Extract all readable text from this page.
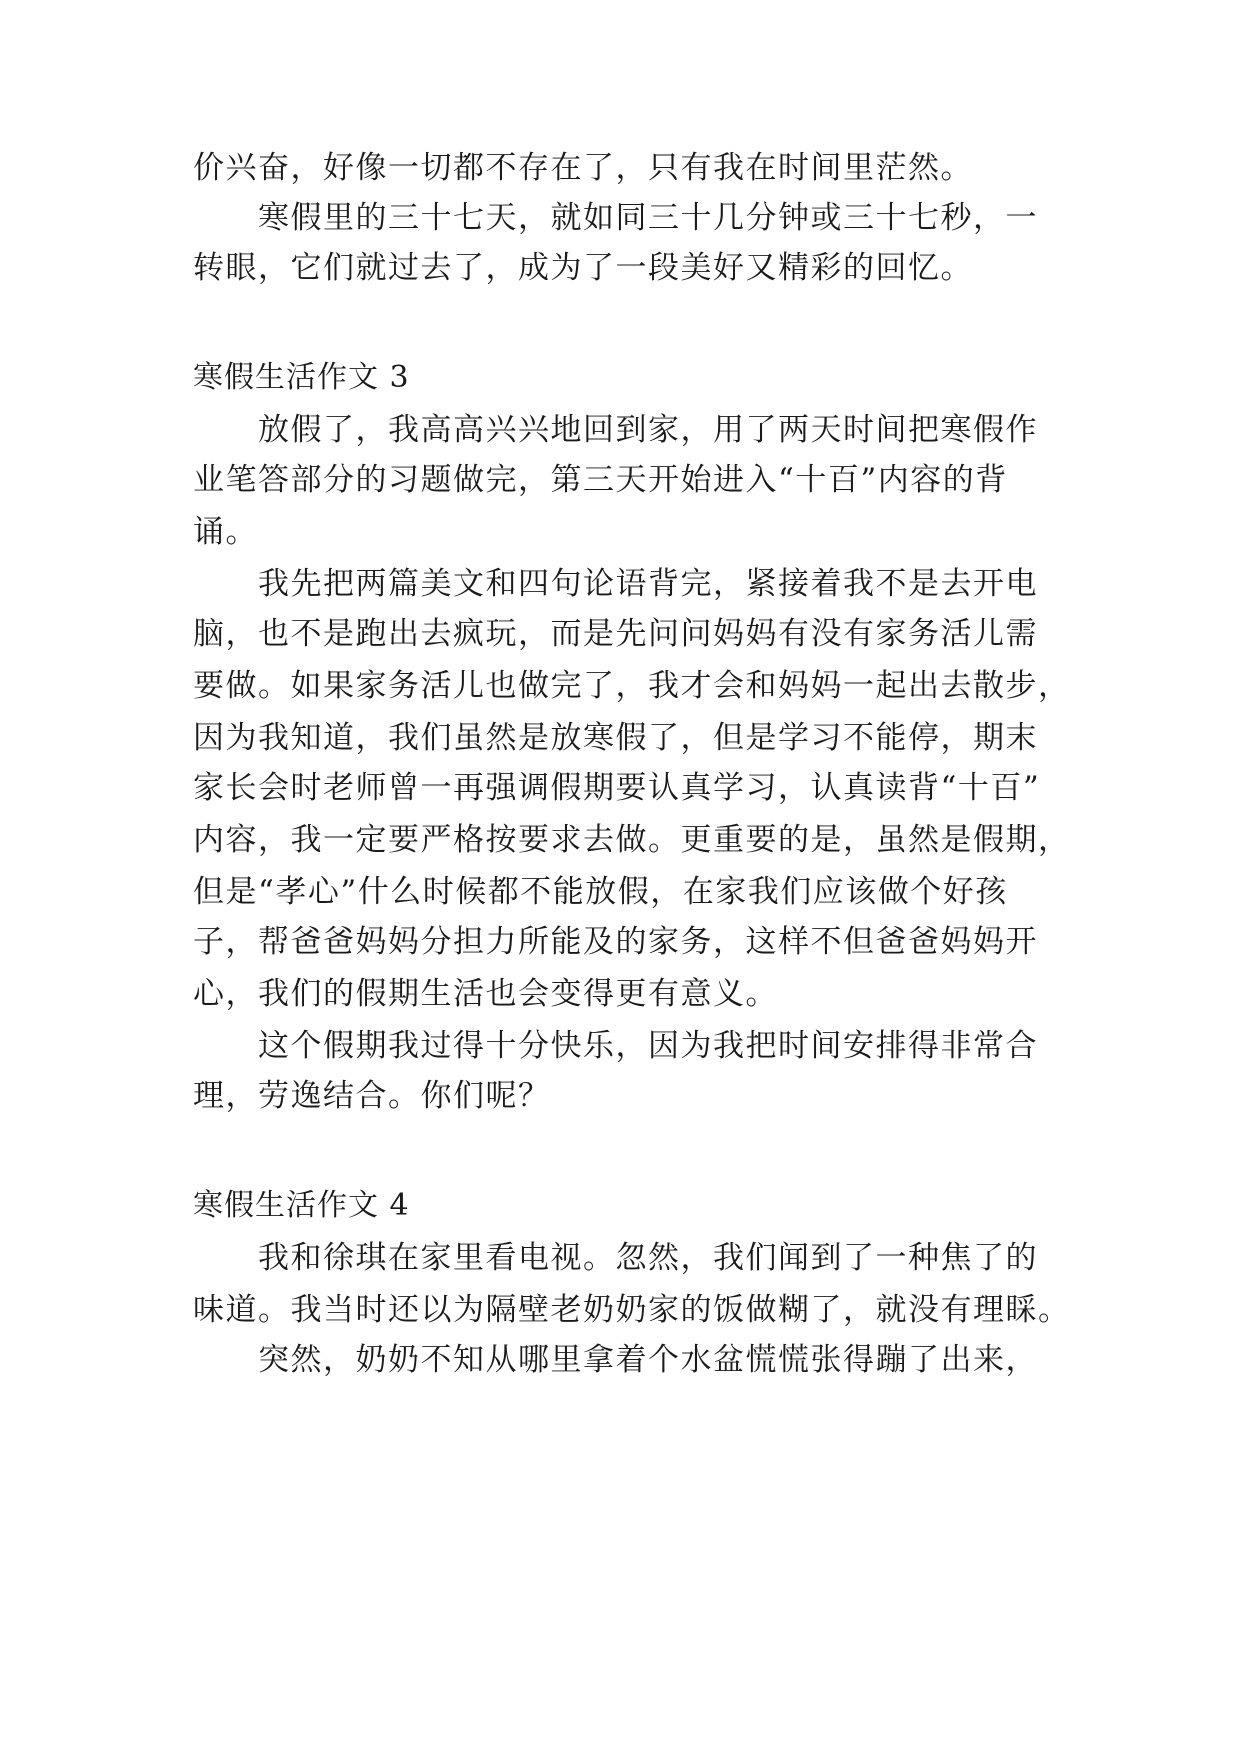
价兴奋，好像一切都不存在了，只有我在时间里茫然。
寒假里的三十七天，就如同三十几分钟或三十七秒，一
转眼，它们就过去了，成为了一段美好又精彩的回忆。
寒假生活作文 3
放假了，我高高兴兴地回到家，用了两天时间把寒假作
业笔答部分的习题做完，第三天开始进入“十百”内容的背
诵。
我先把两篇美文和四句论语背完，紧接着我不是去开电
脑，也不是跑出去疯玩，而是先问问妈妈有没有家务活儿需
要做。如果家务活儿也做完了，我才会和妈妈一起出去散步，
因为我知道，我们虽然是放寒假了，但是学习不能停，期末
家长会时老师曾一再强调假期要认真学习，认真读背“十百”
内容，我一定要严格按要求去做。更重要的是，虽然是假期，
但是“孝心”什么时候都不能放假，在家我们应该做个好孩
子，帮爸爸妈妈分担力所能及的家务，这样不但爸爸妈妈开
心，我们的假期生活也会变得更有意义。
这个假期我过得十分快乐，因为我把时间安排得非常合
理，劳逸结合。你们呢？
寒假生活作文 4
我和徐琪在家里看电视。忽然，我们闻到了一种焦了的
味道。我当时还以为隔壁老奶奶家的饭做糊了，就没有理睬。
突然，奶奶不知从哪里拿着个水盆慌慌张得蹦了出来，
